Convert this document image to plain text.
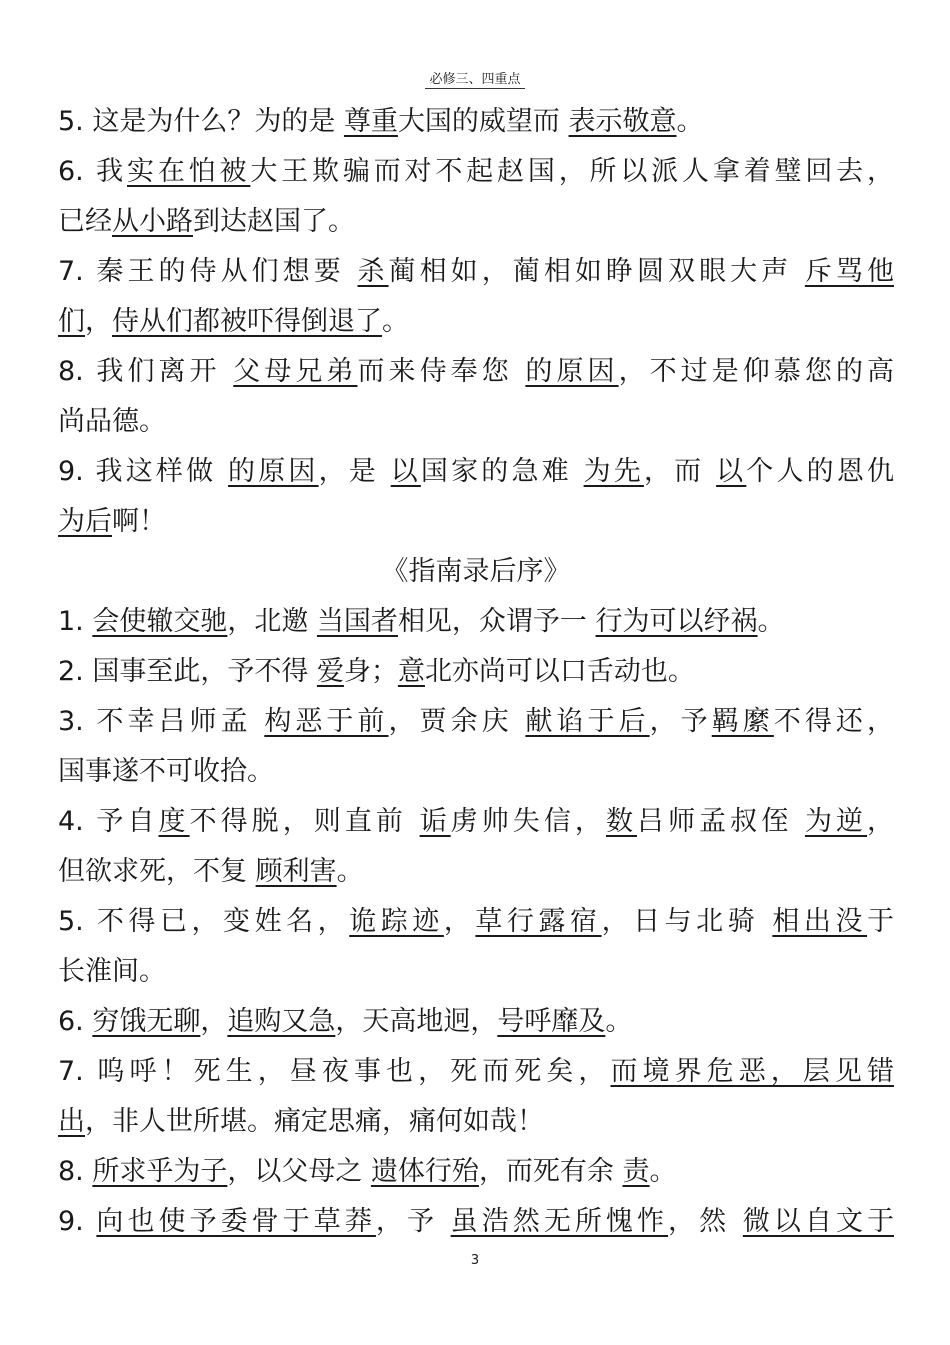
必修三、四重点
5. 这是为什么？为的是 尊重大国的威望而 表示敬意。
6. 我实在怕被大王欺骗而对不起赵国，所以派人拿着璧回去，
已经从小路到达赵国了。
7. 秦王的侍从们想要 杀蔺相如，蔺相如睁圆双眼大声 斥骂他
们，侍从们都被吓得倒退了。
8. 我们离开 父母兄弟而来侍奉您 的原因，不过是仰慕您的高
尚品德。
9. 我这样做 的原因，是 以国家的急难 为先，而 以个人的恩仇
为后啊！
《指南录后序》
1. 会使辙交驰，北邀 当国者相见，众谓予一 行为可以纾祸。
2. 国事至此，予不得 爱身；意北亦尚可以口舌动也。
3. 不幸吕师孟 构恶于前，贾余庆 献谄于后，予羁縻不得还，
国事遂不可收拾。
4. 予自度不得脱，则直前 诟虏帅失信，数吕师孟叔侄 为逆，
但欲求死，不复 顾利害。
5. 不得已，变姓名，诡踪迹，草行露宿，日与北骑 相出没于
长淮间。
6. 穷饿无聊，追购又急，天高地迥，号呼靡及。
7. 呜呼！死生，昼夜事也，死而死矣，而境界危恶，层见错
出，非人世所堪。痛定思痛，痛何如哉！
8. 所求乎为子，以父母之 遗体行殆，而死有余 责。
9. 向也使予委骨于草莽，予 虽浩然无所愧怍，然 微以自文于
3
